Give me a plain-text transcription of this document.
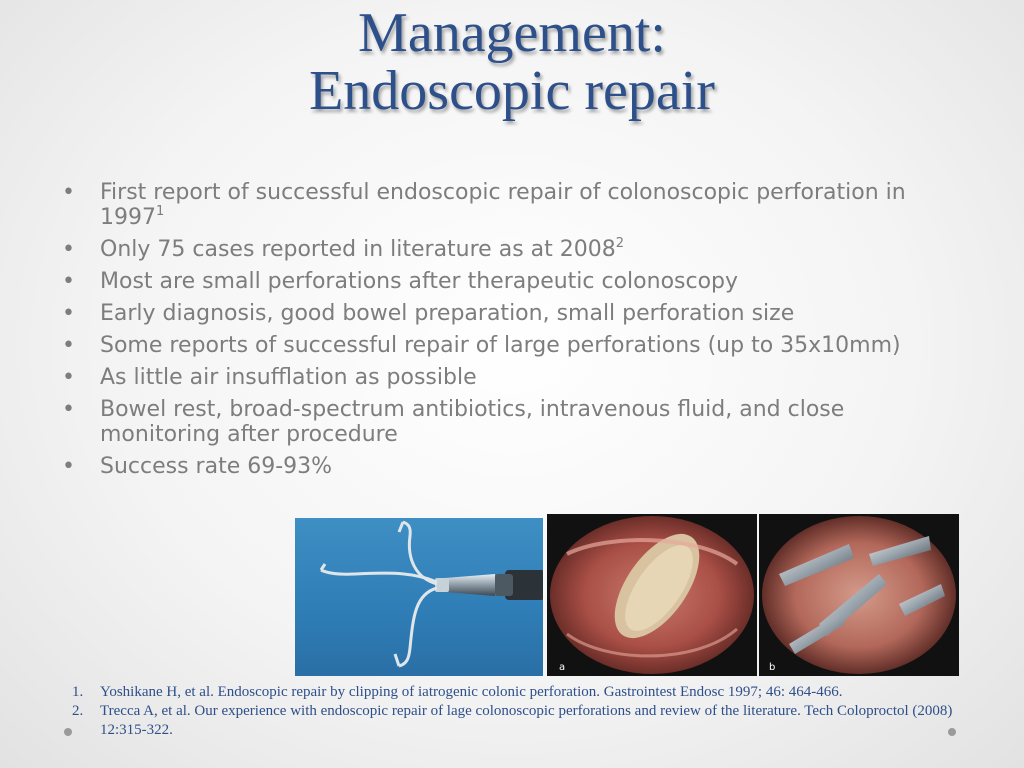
Management:
Endoscopic repair
• First report of successful endoscopic repair of colonoscopic perforation in 1997$^1$
• Only 75 cases reported in literature as at 2008$^2$
• Most are small perforations after therapeutic colonoscopy
• Early diagnosis, good bowel preparation, small perforation size
• Some reports of successful repair of large perforations (up to 35x10mm)
• As little air insufflation as possible
• Bowel rest, broad-spectrum antibiotics, intravenous fluid, and close monitoring after procedure
• Success rate 69-93%
a	b
1. Yoshikane H, et al. Endoscopic repair by clipping of iatrogenic colonic perforation. Gastrointest Endosc 1997; 46: 464-466.
2. Trecca A, et al. Our experience with endoscopic repair of lage colonoscopic perforations and review of the literature. Tech Coloproctol (2008) 12:315-322.
